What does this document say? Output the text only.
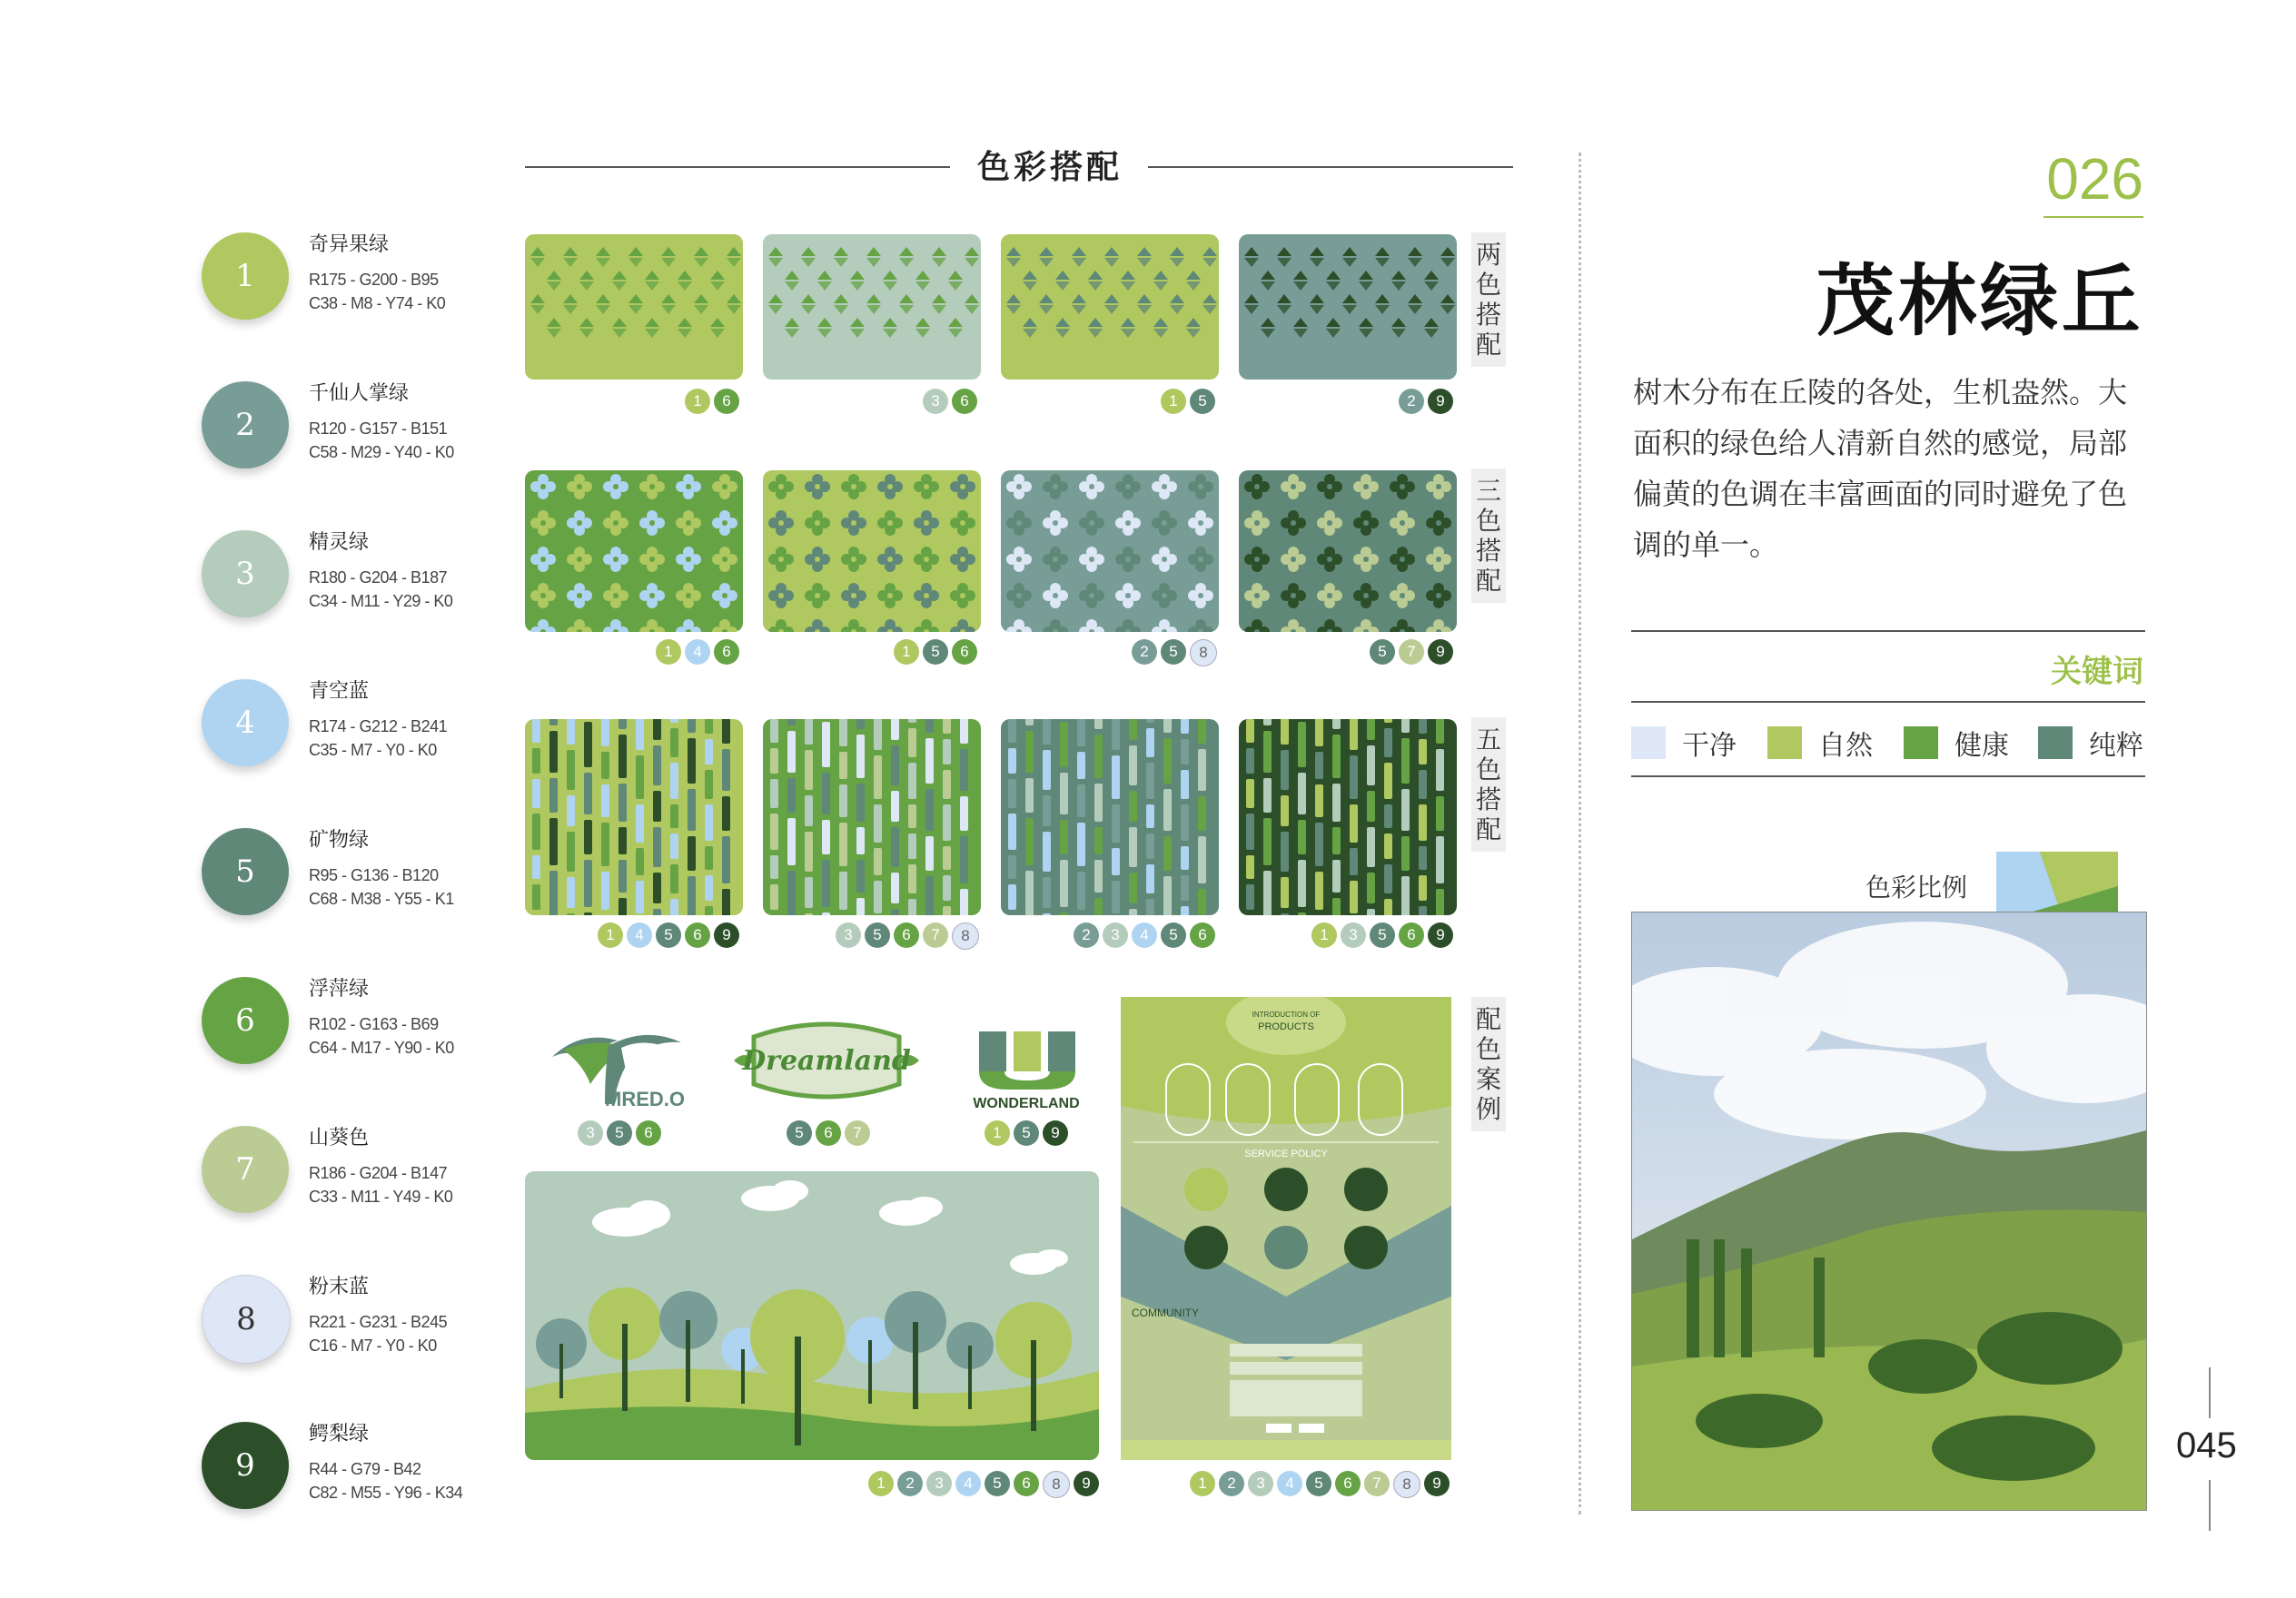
1
奇异果绿
R175 - G200 - B95
C38 - M8 - Y74 - K0
2
千仙人掌绿
R120 - G157 - B151
C58 - M29 - Y40 - K0
3
精灵绿
R180 - G204 - B187
C34 - M11 - Y29 - K0
4
青空蓝
R174 - G212 - B241
C35 - M7 - Y0 - K0
5
矿物绿
R95 - G136 - B120
C68 - M38 - Y55 - K1
6
浮萍绿
R102 - G163 - B69
C64 - M17 - Y90 - K0
7
山葵色
R186 - G204 - B147
C33 - M11 - Y49 - K0
8
粉末蓝
R221 - G231 - B245
C16 - M7 - Y0 - K0
9
鳄梨绿
R44 - G79 - B42
C82 - M55 - Y96 - K34
色彩搭配
两色搭配
三色搭配
五色搭配
配色案例
MRED.O
Dreamland
WONDERLAND
INTRODUCTION OF
PRODUCTS
SERVICE POLICY
COMMUNITY
026
茂林绿丘
树木分布在丘陵的各处，生机盎然。大面积的绿色给人清新自然的感觉，局部偏黄的色调在丰富画面的同时避免了色调的单一。
关键词
色彩比例
045
1	6	3	6	1	5	2	9
1	4	6	1	5	6	2	5	8	5	7	9
1	4	5	6	9	3	5	6	7	8	2	3	4	5	6	1	3	5	6	9
3	5	6	5	6	7	1	5	9
1	2	3	4	5	6	8	9	1	2	3	4	5	6	7	8	9
干净	自然	健康	纯粹
